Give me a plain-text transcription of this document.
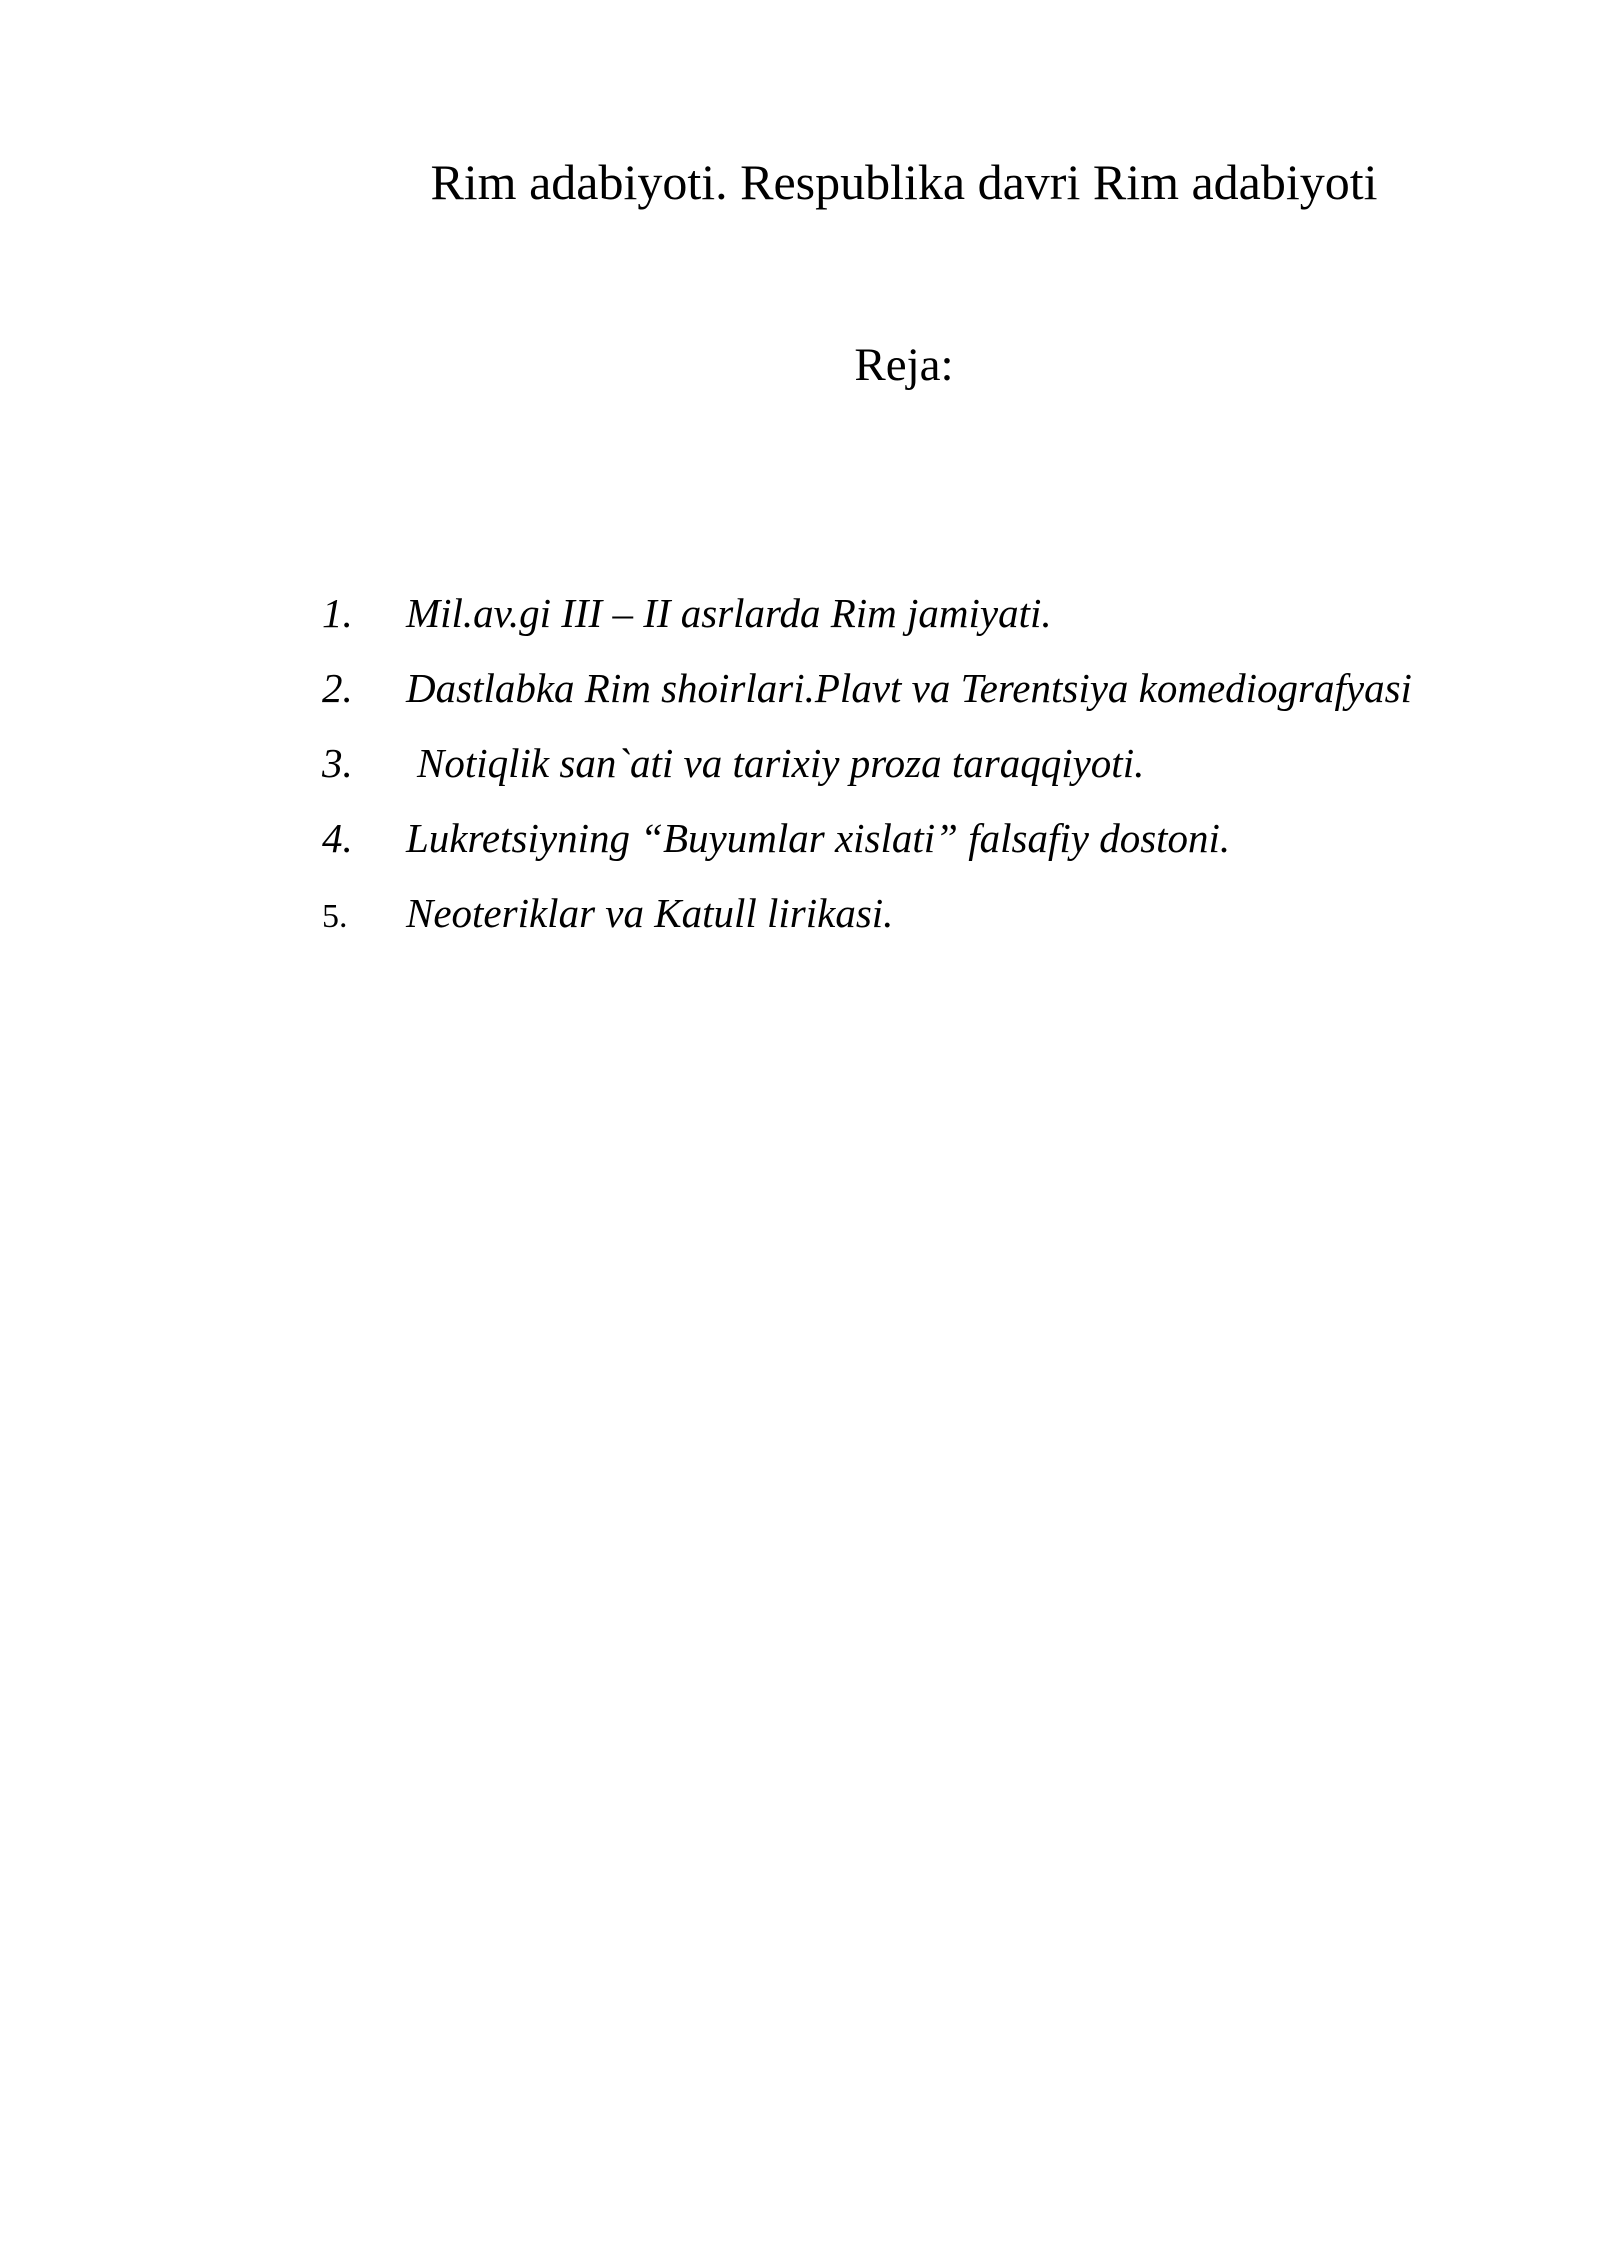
Rim adabiyoti. Respublika davri Rim adabiyoti
Reja:
1. Mil.av.gi III – II asrlarda Rim jamiyati.
2. Dastlabka Rim shoirlari.Plavt va Terentsiya komediografyasi
3. Notiqlik san`ati va tarixiy proza taraqqiyoti.
4. Lukretsiyning “Buyumlar xislati” falsafiy dostoni.
5. Neoteriklar va Katull lirikasi.
